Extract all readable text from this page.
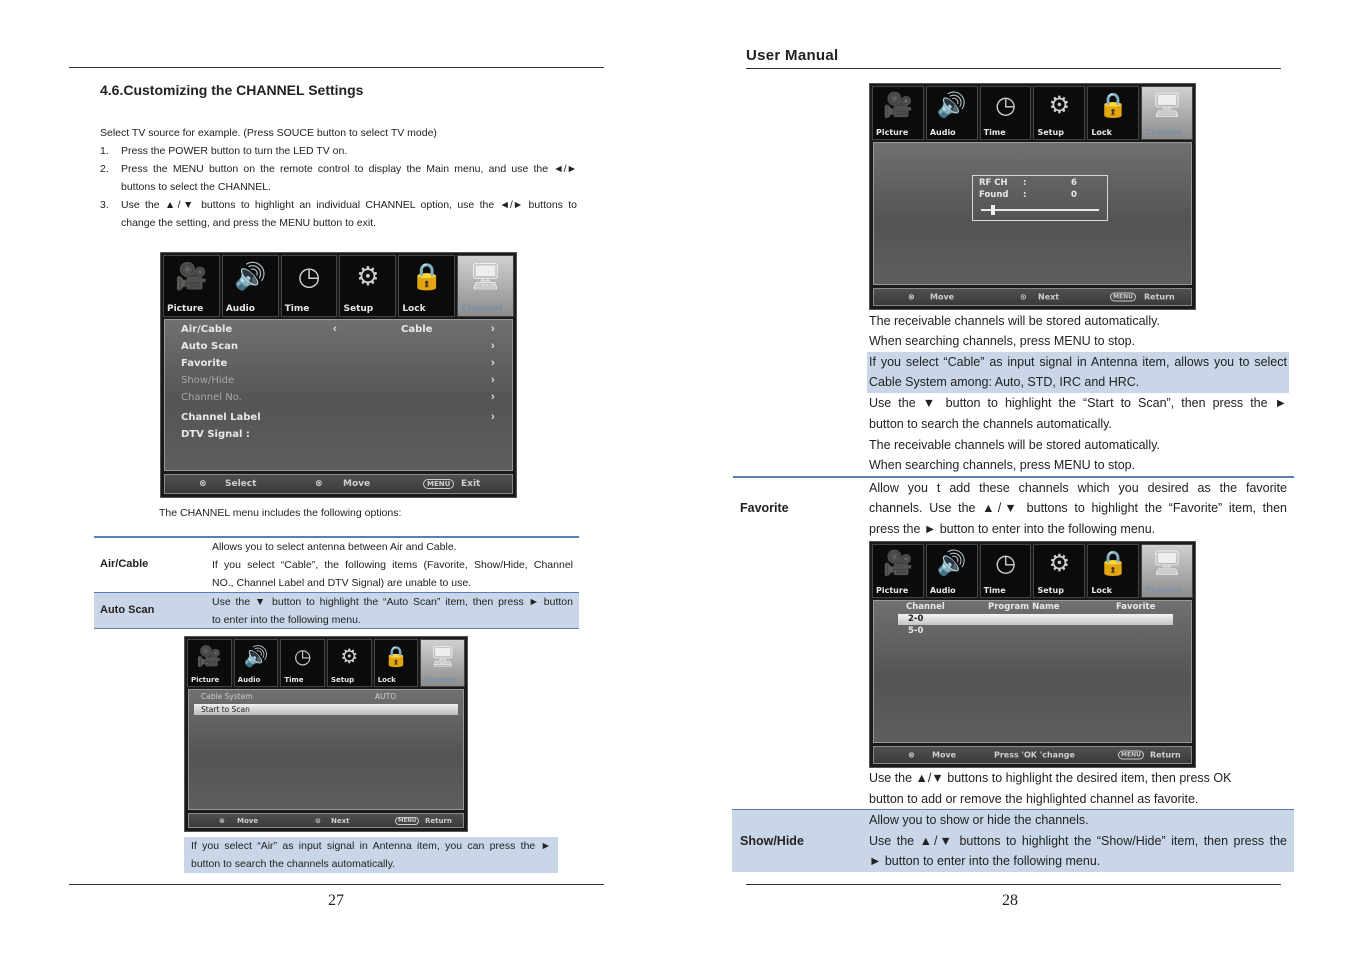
4.6.Customizing the CHANNEL Settings
Select TV source for example. (Press SOUCE button to select TV mode)
1. Press the POWER button to turn the LED TV on.
2. Press the MENU button on the remote control to display the Main menu, and use the ◄/►
buttons to select the CHANNEL.
3. Use the ▲/▼ buttons to highlight an individual CHANNEL option, use the ◄/► buttons to
change the setting, and press the MENU button to exit.
🎥
Picture
🔊
Audio
◷
Time
⚙
Setup
🔒
Lock
🖥
Channel
Air/Cable	‹	Cable	›
Auto Scan	›
Favorite	›
Show/Hide	›
Channel No.	›
Channel Label	›
DTV Signal :
⊗ Select	⊗ Move	MENU	Exit
The CHANNEL menu includes the following options:
Air/Cable
Allows you to select antenna between Air and Cable.
If you select “Cable”, the following items (Favorite, Show/Hide, Channel
NO., Channel Label and DTV Signal) are unable to use.
Auto Scan
Use the ▼ button to highlight the “Auto Scan” item, then press ► button
to enter into the following menu.
🎥
Picture
🔊
Audio
◷
Time
⚙
Setup
🔒
Lock
🖥
Channel
Cable System	AUTO
Start to Scan
⊗ Move	⊙ Next	MENU	Return
If you select “Air” as input signal in Antenna item, you can press the ►
button to search the channels automatically.
27
User Manual
🎥
Picture
🔊
Audio
◷
Time
⚙
Setup
🔒
Lock
🖥
Channel
RF CH :	6
Found :	0
⊗ Move	⊙ Next	MENU	Return
The receivable channels will be stored automatically.
When searching channels, press MENU to stop.
If you select “Cable” as input signal in Antenna item, allows you to select
Cable System among: Auto, STD, IRC and HRC.
Use the ▼ button to highlight the “Start to Scan”, then press the ►
button to search the channels automatically.
The receivable channels will be stored automatically.
When searching channels, press MENU to stop.
Favorite
Allow you t add these channels which you desired as the favorite
channels. Use the ▲/▼ buttons to highlight the “Favorite” item, then
press the ► button to enter into the following menu.
🎥
Picture
🔊
Audio
◷
Time
⚙
Setup
🔒
Lock
🖥
Channel
Channel	Program Name	Favorite
2-0
5-0
⊗ Move	Press 'OK 'change	MENU	Return
Use the ▲/▼ buttons to highlight the desired item, then press OK
button to add or remove the highlighted channel as favorite.
Show/Hide
Allow you to show or hide the channels.
Use the ▲/▼ buttons to highlight the “Show/Hide” item, then press the
► button to enter into the following menu.
28
